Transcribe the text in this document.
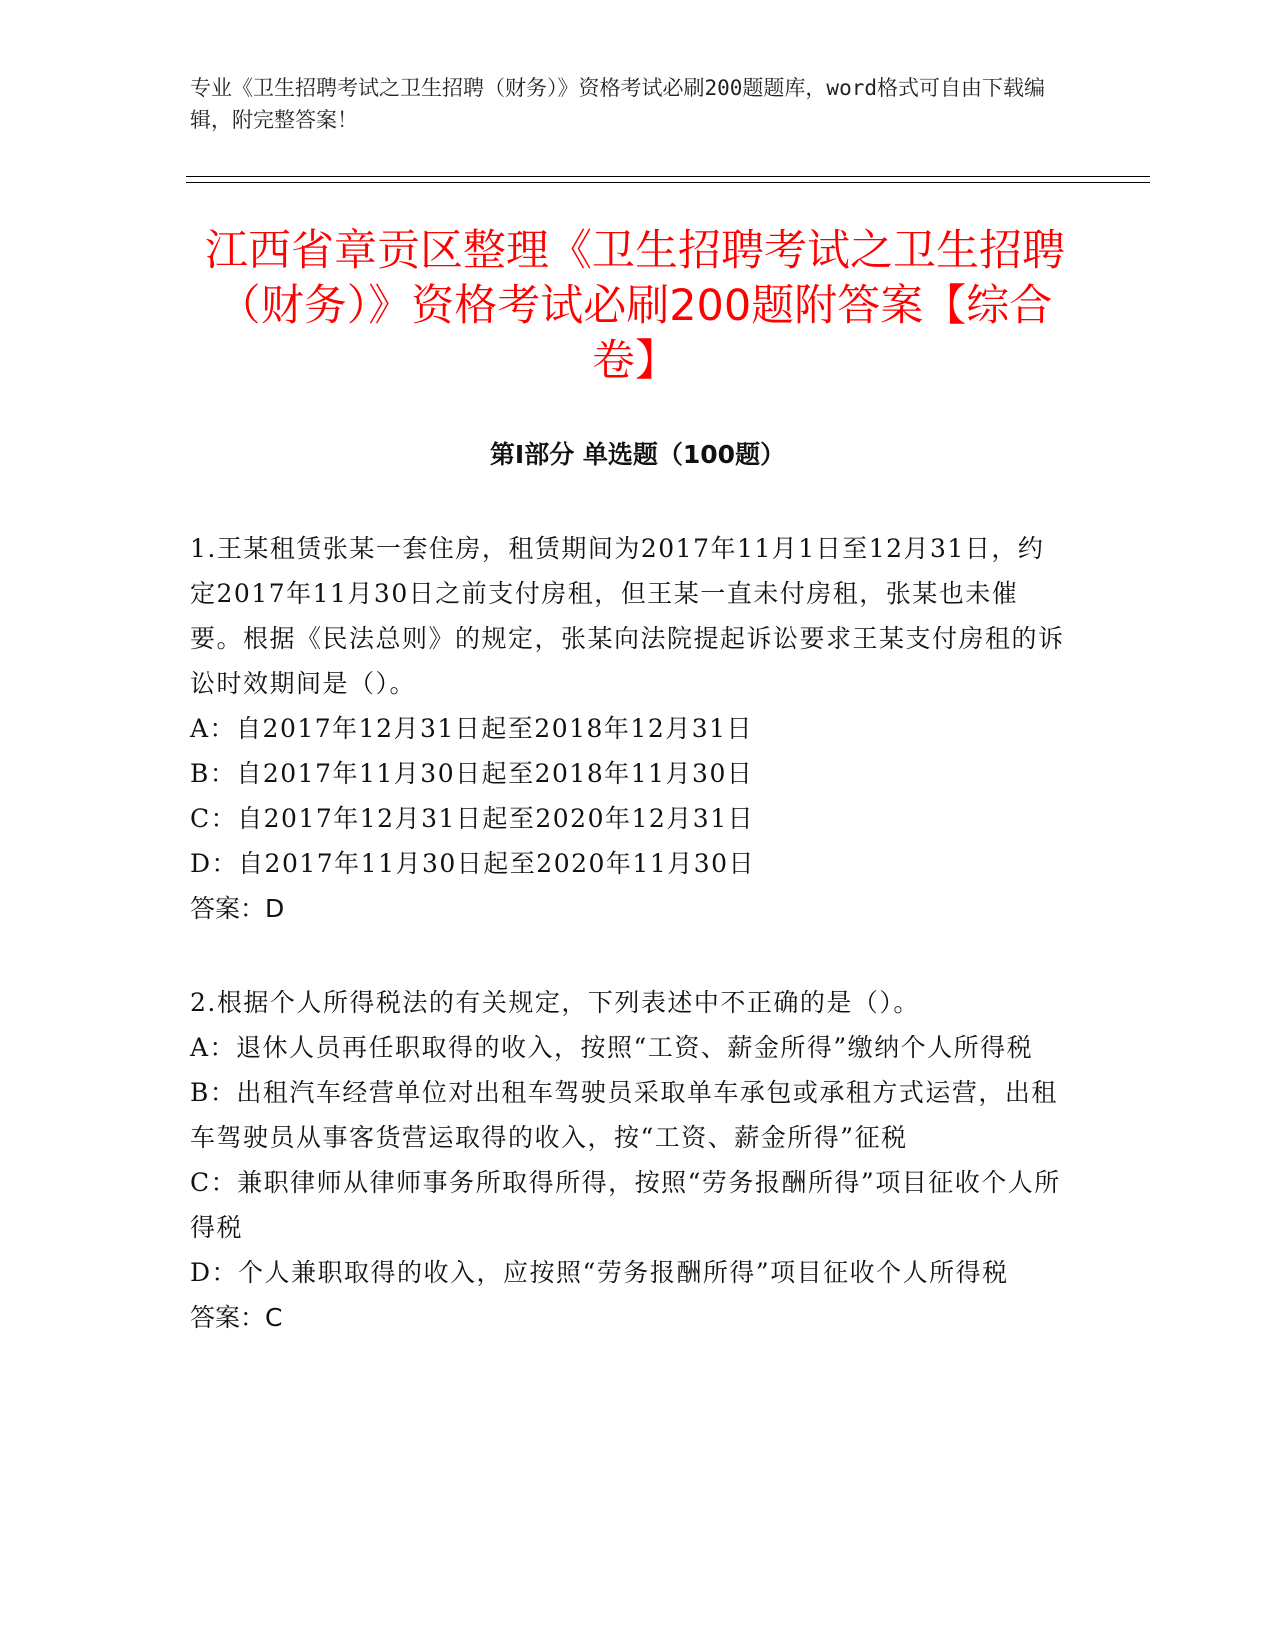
专业《卫生招聘考试之卫生招聘（财务）》资格考试必刷200题题库，word格式可自由下载编辑，附完整答案！
江西省章贡区整理《卫生招聘考试之卫生招聘（财务）》资格考试必刷200题附答案【综合卷】
第I部分 单选题（100题）

1.王某租赁张某一套住房，租赁期间为2017年11月1日至12月31日，约定2017年11月30日之前支付房租，但王某一直未付房租，张某也未催要。根据《民法总则》的规定，张某向法院提起诉讼要求王某支付房租的诉讼时效期间是（）。

A：自2017年12月31日起至2018年12月31日

B：自2017年11月30日起至2018年11月30日

C：自2017年12月31日起至2020年12月31日

D：自2017年11月30日起至2020年11月30日

答案：D

2.根据个人所得税法的有关规定，下列表述中不正确的是（）。

A：退休人员再任职取得的收入，按照“工资、薪金所得”缴纳个人所得税

B：出租汽车经营单位对出租车驾驶员采取单车承包或承租方式运营，出租车驾驶员从事客货营运取得的收入，按“工资、薪金所得”征税

C：兼职律师从律师事务所取得所得，按照“劳务报酬所得”项目征收个人所得税

D：个人兼职取得的收入，应按照“劳务报酬所得”项目征收个人所得税

答案：C
